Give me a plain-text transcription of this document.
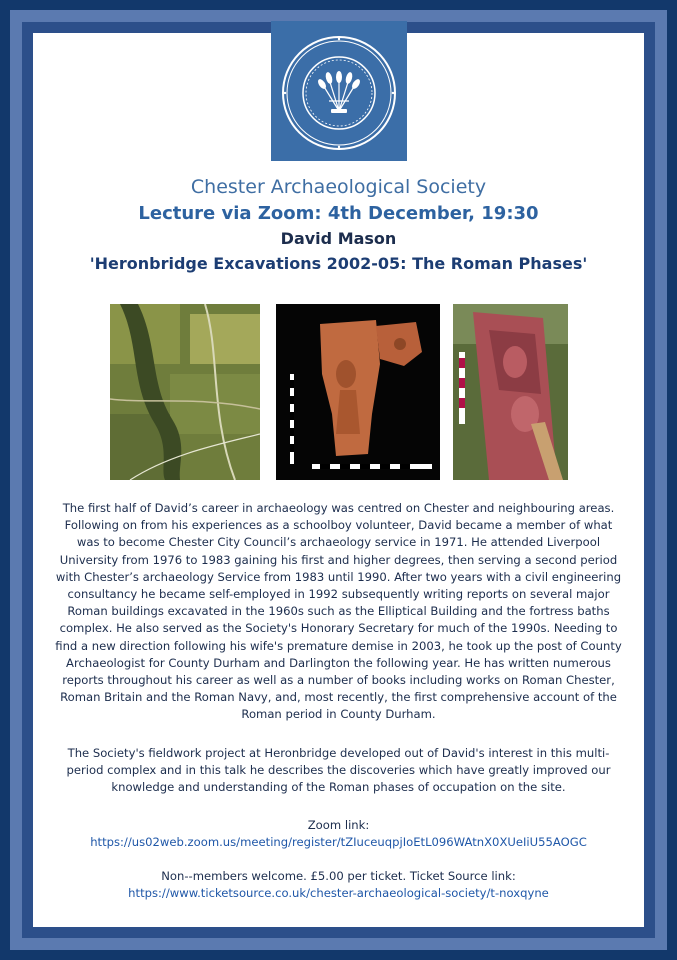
Chester Archaeological Society
Lecture via Zoom: 4th December, 19:30
David Mason
'Heronbridge Excavations 2002-05: The Roman Phases'
The first half of David’s career in archaeology was centred on Chester and neighbouring areas. Following on from his experiences as a schoolboy volunteer, David became a member of what was to become Chester City Council’s archaeology service in 1971. He attended Liverpool University from 1976 to 1983 gaining his first and higher degrees, then serving a second period with Chester’s archaeology Service from 1983 until 1990. After two years with a civil engineering consultancy he became self-employed in 1992 subsequently writing reports on several major Roman buildings excavated in the 1960s such as the Elliptical Building and the fortress baths complex. He also served as the Society's Honorary Secretary for much of the 1990s. Needing to find a new direction following his wife's premature demise in 2003, he took up the post of County Archaeologist for County Durham and Darlington the following year. He has written numerous reports throughout his career as well as a number of books including works on Roman Chester, Roman Britain and the Roman Navy, and, most recently, the first comprehensive account of the Roman period in County Durham.
The Society's fieldwork project at Heronbridge developed out of David's interest in this multi-period complex and in this talk he describes the discoveries which have greatly improved our knowledge and understanding of the Roman phases of occupation on the site.
Zoom link:
https://us02web.zoom.us/meeting/register/tZIuceuqpjIoEtL096WAtnX0XUeIiU55AOGC
Non--members welcome. £5.00 per ticket. Ticket Source link:
https://www.ticketsource.co.uk/chester-archaeological-society/t-noxqyne
